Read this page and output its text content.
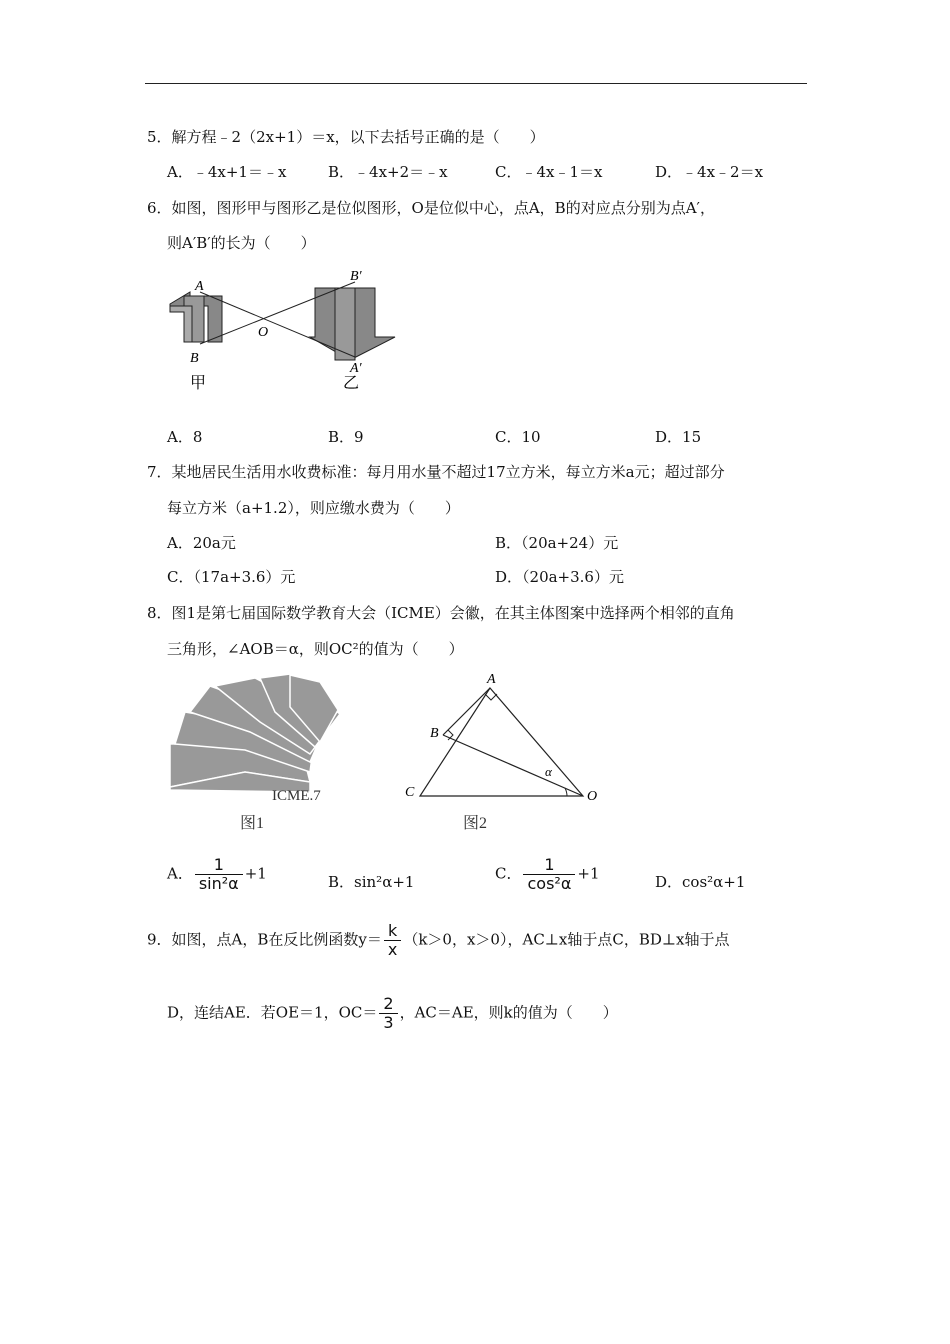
5．解方程﹣2（2x+1）＝x，以下去括号正确的是（　　）
A．﹣4x+1＝﹣x	B．﹣4x+2＝﹣x	C．﹣4x﹣1＝x	D．﹣4x﹣2＝x
6．如图，图形甲与图形乙是位似图形，O是位似中心，点A，B的对应点分别为点A′，
则A′B′的长为（　　）
A
B
O
A′
B′
甲	乙
A．8	B．9	C．10	D．15
7．某地居民生活用水收费标准：每月用水量不超过17立方米，每立方米a元；超过部分
每立方米（a+1.2），则应缴水费为（　　）
A．20a元	B．（20a+24）元
C．（17a+3.6）元	D．（20a+3.6）元
8．图1是第七届国际数学教育大会（ICME）会徽，在其主体图案中选择两个相邻的直角
三角形，∠AOB＝α，则OC²的值为（　　）
ICME.7
图1
A
B
C	O
α
图2
A． $\frac{1}{\text{sin²α}} +1$	B．sin²α+1	C． $\frac{1}{\text{cos²α}} +1$	D．cos²α+1
9．如图，点A，B在反比例函数$y= \frac{k}{x} (k>0$，x＞0），AC⊥x轴于点C，BD⊥x轴于点
D，连结AE．若OE＝1，$OC= \frac{2}{3}$ ，AC＝AE，则k的值为（　　）
